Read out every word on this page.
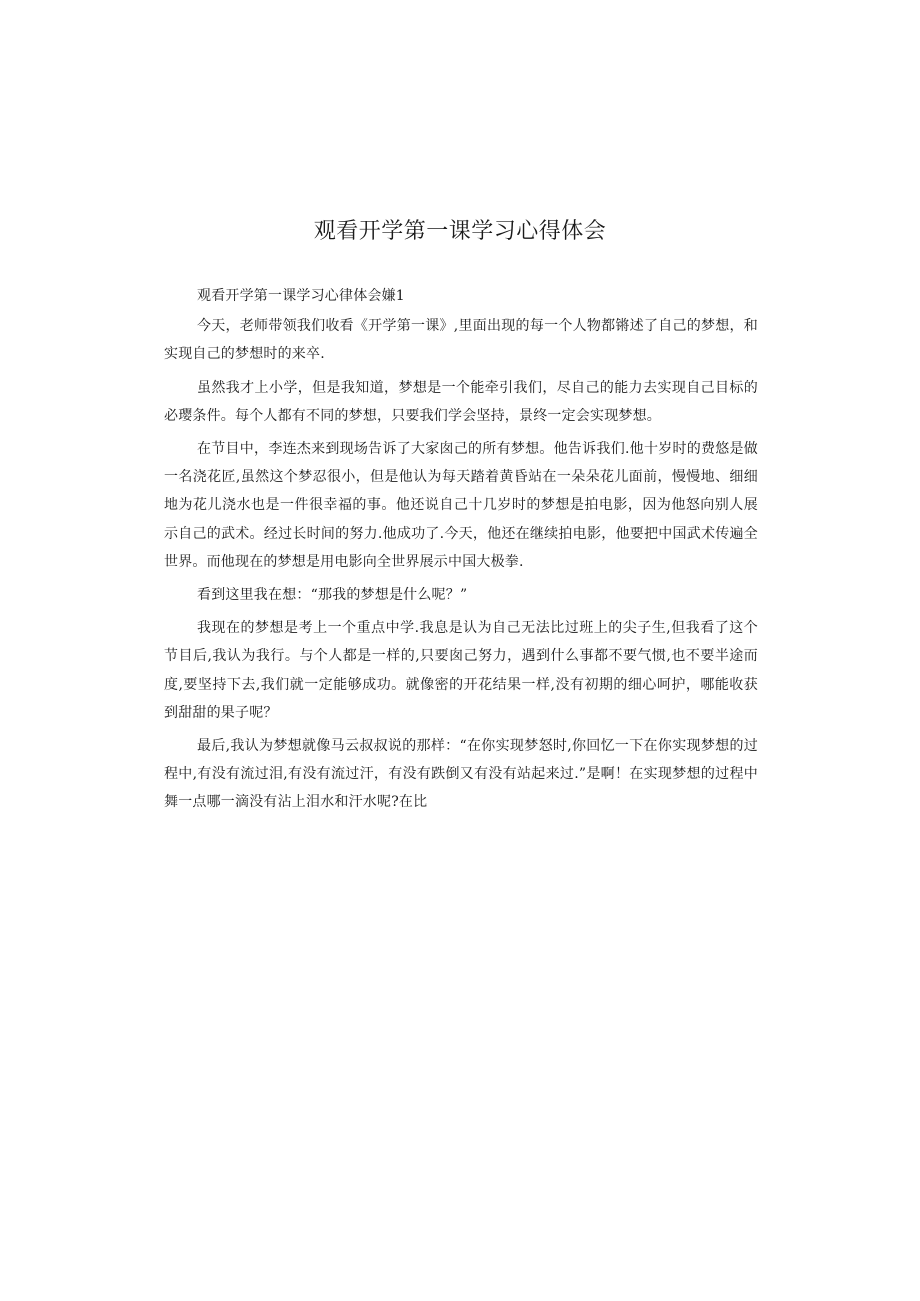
观看开学第一课学习心得体会

观看开学第一课学习心律体会嫌1

今天，老师带领我们收看《开学第一课》,里面出现的每一个人物都锵述了自己的梦想，和实现自己的梦想时的来卒.

虽然我才上小学，但是我知道，梦想是一个能牵引我们，尽自己的能力去实现自己目标的必璎条件。每个人都有不同的梦想，只要我们学会坚持，景终一定会实现梦想。

在节目中，李连杰来到现场告诉了大家囱己的所有梦想。他告诉我们.他十岁时的费悠是做一名浇花匠,虽然这个梦忍很小，但是他认为每天踏着黄昏站在一朵朵花儿面前，慢慢地、细细地为花儿浇水也是一件很幸福的事。他还说自己十几岁时的梦想是拍电影，因为他怒向别人展示自己的武术。经过长时间的努力.他成功了.今天，他还在继续拍电影，他要把中国武术传遍全世界。而他现在的梦想是用电影向全世界展示中国大极拳.

看到这里我在想：“那我的梦想是什么呢？”

我现在的梦想是考上一个重点中学.我息是认为自己无法比过班上的尖子生,但我看了这个节目后,我认为我行。与个人都是一样的,只要囱己努力，遇到什么事都不要气惯,也不要半途而度,要坚持下去,我们就一定能够成功。就像密的开花结果一样,没有初期的细心呵护，哪能收获到甜甜的果子呢？

最后,我认为梦想就像马云叔叔说的那样：“在你实现梦怒时,你回忆一下在你实现梦想的过程中,有没有流过泪,有没有流过汗，有没有跌倒又有没有站起来过.”是啊！在实现梦想的过程中舞一点哪一滴没有沾上泪水和汗水呢?在比
